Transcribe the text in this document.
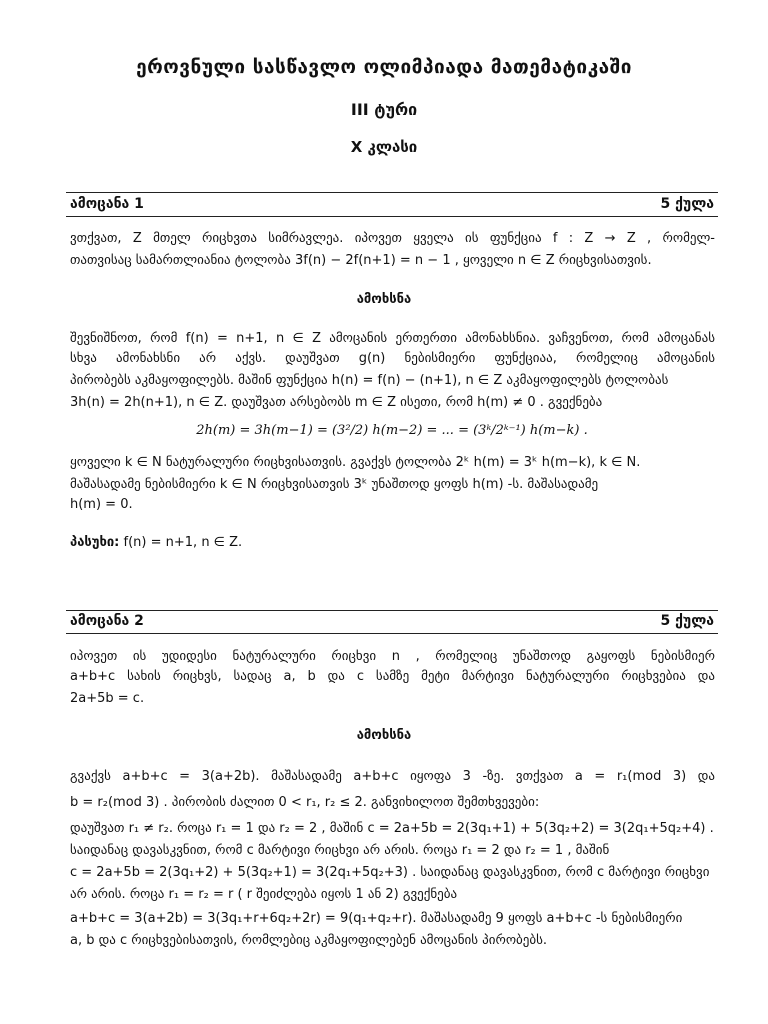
ეროვნული სასწავლო ოლიმპიადა მათემატიკაში
III ტური
X კლასი
ამოცანა 1	5 ქულა
ვთქვათ, Z მთელ რიცხვთა სიმრავლეა. იპოვეთ ყველა ის ფუნქცია f : Z → Z , რომელ-
თათვისაც სამართლიანია ტოლობა 3f(n) − 2f(n+1) = n − 1 , ყოველი n ∈ Z რიცხვისათვის.
ამოხსნა
შევნიშნოთ, რომ f(n) = n+1, n ∈ Z ამოცანის ერთერთი ამონახსნია. ვაჩვენოთ, რომ ამოცანას
სხვა ამონახსნი არ აქვს. დაუშვათ g(n) ნებისმიერი ფუნქციაა, რომელიც ამოცანის
პირობებს აკმაყოფილებს. მაშინ ფუნქცია h(n) = f(n) − (n+1), n ∈ Z აკმაყოფილებს ტოლობას
3h(n) = 2h(n+1), n ∈ Z. დაუშვათ არსებობს m ∈ Z ისეთი, რომ h(m) ≠ 0 . გვექნება
2h(m) = 3h(m−1) = (3²/2) h(m−2) = ... = (3ᵏ/2ᵏ⁻¹) h(m−k) .
ყოველი k ∈ N ნატურალური რიცხვისათვის. გვაქვს ტოლობა 2ᵏ h(m) = 3ᵏ h(m−k), k ∈ N.
მაშასადამე ნებისმიერი k ∈ N რიცხვისათვის 3ᵏ უნაშთოდ ყოფს h(m) -ს. მაშასადამე
h(m) = 0.
პასუხი: f(n) = n+1, n ∈ Z.
ამოცანა 2	5 ქულა
იპოვეთ ის უდიდესი ნატურალური რიცხვი n , რომელიც უნაშთოდ გაყოფს ნებისმიერ
a+b+c სახის რიცხვს, სადაც a, b და c სამზე მეტი მარტივი ნატურალური რიცხვებია და
2a+5b = c.
ამოხსნა
გვაქვს a+b+c = 3(a+2b). მაშასადამე a+b+c იყოფა 3 -ზე. ვთქვათ a = r₁(mod 3) და
b = r₂(mod 3) . პირობის ძალით 0 < r₁, r₂ ≤ 2. განვიხილოთ შემთხვევები:
დაუშვათ r₁ ≠ r₂. როცა r₁ = 1 და r₂ = 2 , მაშინ c = 2a+5b = 2(3q₁+1) + 5(3q₂+2) = 3(2q₁+5q₂+4) .
საიდანაც დავასკვნით, რომ c მარტივი რიცხვი არ არის. როცა r₁ = 2 და r₂ = 1 , მაშინ
c = 2a+5b = 2(3q₁+2) + 5(3q₂+1) = 3(2q₁+5q₂+3) . საიდანაც დავასკვნით, რომ c მარტივი რიცხვი
არ არის. როცა r₁ = r₂ = r ( r შეიძლება იყოს 1 ან 2) გვექნება
a+b+c = 3(a+2b) = 3(3q₁+r+6q₂+2r) = 9(q₁+q₂+r). მაშასადამე 9 ყოფს a+b+c -ს ნებისმიერი
a, b და c რიცხვებისათვის, რომლებიც აკმაყოფილებენ ამოცანის პირობებს.
